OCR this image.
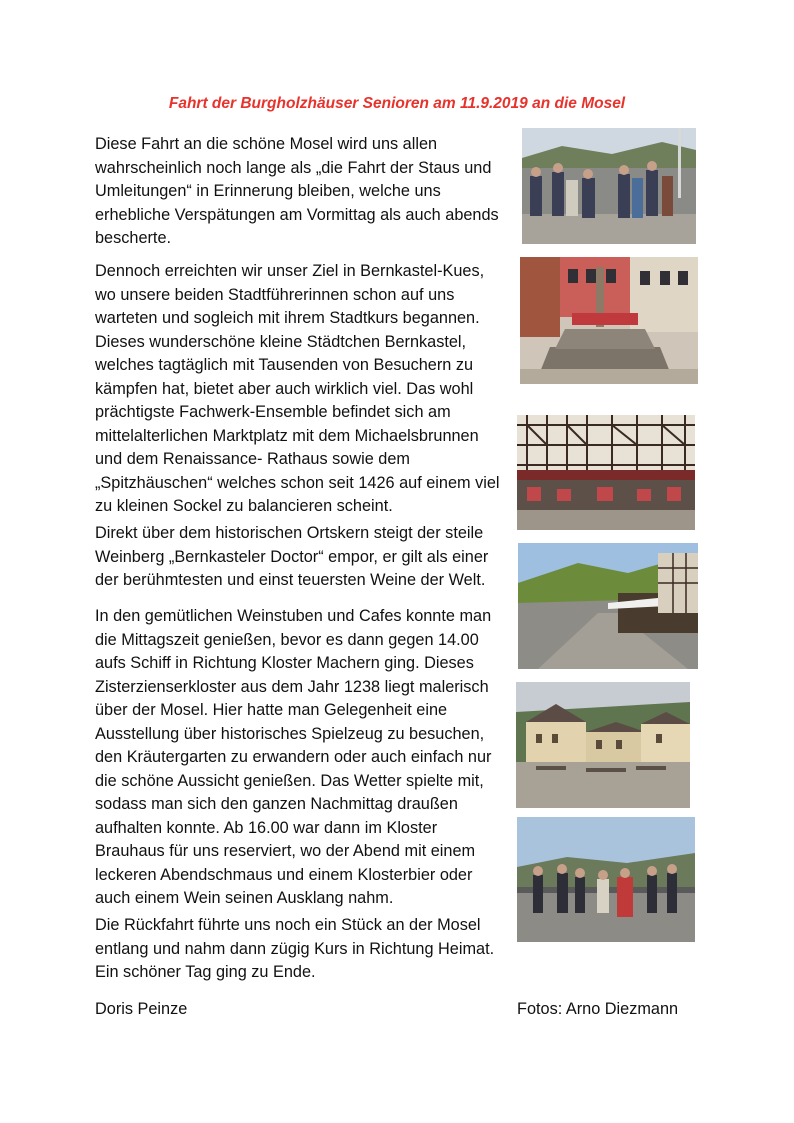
Fahrt der Burgholzhäuser Senioren am 11.9.2019 an die Mosel

Diese Fahrt an die schöne Mosel wird uns allen
wahrscheinlich noch lange als „die Fahrt der Staus und
Umleitungen“ in Erinnerung bleiben, welche uns
erhebliche Verspätungen am Vormittag als auch abends
bescherte.

Dennoch erreichten wir unser Ziel in Bernkastel-Kues,
wo unsere beiden Stadtführerinnen schon auf uns
warteten und sogleich mit ihrem Stadtkurs begannen.
Dieses wunderschöne kleine Städtchen Bernkastel,
welches tagtäglich mit Tausenden von Besuchern zu
kämpfen hat, bietet aber auch wirklich viel. Das wohl
prächtigste Fachwerk-Ensemble befindet sich am
mittelalterlichen Marktplatz mit dem Michaelsbrunnen
und dem Renaissance- Rathaus sowie dem
„Spitzhäuschen“ welches schon seit 1426 auf einem viel
zu kleinen Sockel zu balancieren scheint.

Direkt über dem historischen Ortskern steigt der steile
Weinberg „Bernkasteler Doctor“ empor, er gilt als einer
der berühmtesten und einst teuersten Weine der Welt.

In den gemütlichen Weinstuben und Cafes konnte man
die Mittagszeit genießen, bevor es dann gegen 14.00
aufs Schiff in Richtung Kloster Machern ging. Dieses
Zisterzienserkloster aus dem Jahr 1238 liegt malerisch
über der Mosel. Hier hatte man Gelegenheit eine
Ausstellung über historisches Spielzeug zu besuchen,
den Kräutergarten zu erwandern oder auch einfach nur
die schöne Aussicht genießen. Das Wetter spielte mit,
sodass man sich den ganzen Nachmittag draußen
aufhalten konnte. Ab 16.00 war dann im Kloster
Brauhaus für uns reserviert, wo der Abend mit einem
leckeren Abendschmaus und einem Klosterbier oder
auch einem Wein seinen Ausklang nahm.

Die Rückfahrt führte uns noch ein Stück an der Mosel
entlang und nahm dann zügig Kurs in Richtung Heimat.
Ein schöner Tag ging zu Ende.

Doris Peinze	Fotos: Arno Diezmann
